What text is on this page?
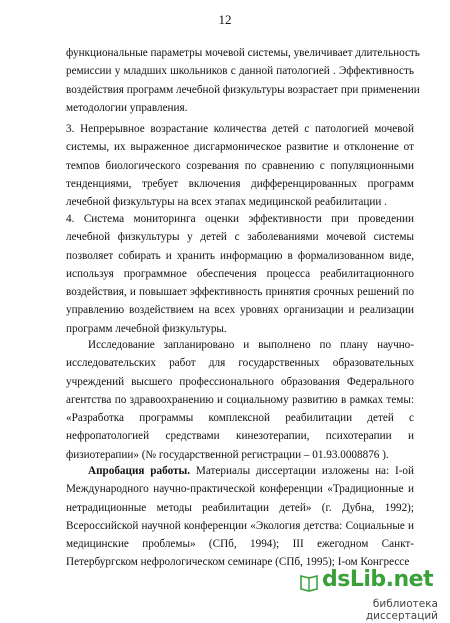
12
функциональные параметры мочевой системы, увеличивает длительность
ремиссии у младших школьников с данной патологией . Эффективность
воздействия программ лечебной физкультуры возрастает при применении
методологии управления.
3. Непрерывное возрастание количества детей с патологией мочевой
системы, их выраженное дисгармоническое развитие и отклонение от
темпов биологического созревания по сравнению с популяционными
тенденциями, требует включения дифференцированных программ
лечебной физкультуры на всех этапах медицинской реабилитации .
4. Система мониторинга оценки эффективности при проведении
лечебной физкультуры у детей с заболеваниями мочевой системы
позволяет собирать и хранить информацию в формализованном виде,
используя программное обеспечения процесса реабилитационного
воздействия, и повышает эффективность принятия срочных решений по
управлению воздействием на всех уровнях организации и реализации
программ лечебной физкультуры.
Исследование запланировано и выполнено по плану научно-
исследовательских работ для государственных образовательных
учреждений высшего профессионального образования Федерального
агентства по здравоохранению и социальному развитию в рамках темы:
«Разработка программы комплексной реабилитации детей с
нефропатологией средствами кинезотерапии, психотерапии и
физиотерапии» (№ государственной регистрации – 01.93.0008876 ).
Апробация работы. Материалы диссертации изложены на: I-ой
Международного научно-практической конференции «Традиционные и
нетрадиционные методы реабилитации детей» (г. Дубна, 1992);
Всероссийской научной конференции «Экология детства: Социальные и
медицинские проблемы» (СПб, 1994); III ежегодном Санкт-
Петербургском нефрологическом семинаре (СПб, 1995); I-ом Конгрессе
dsLib.net
библиотека диссертаций
